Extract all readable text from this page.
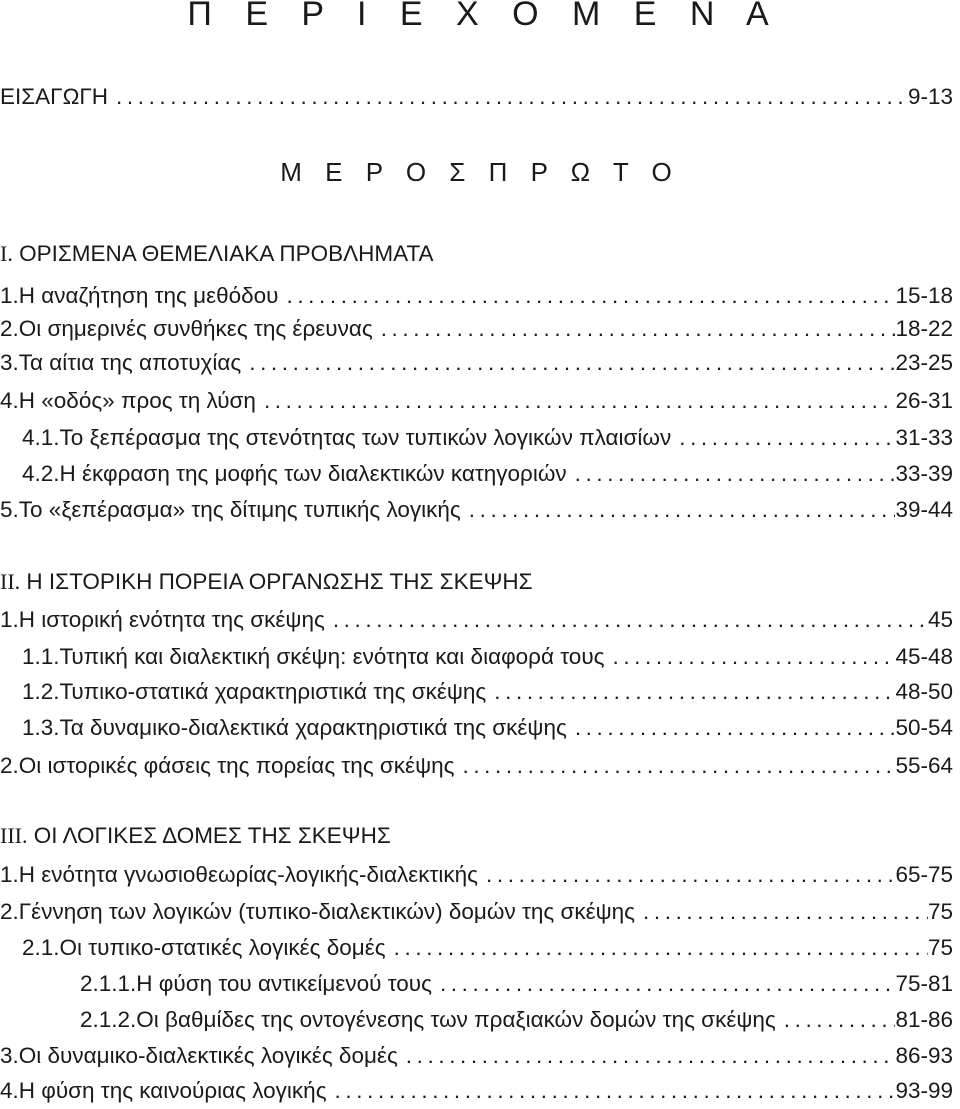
Π Ε Ρ Ι Ε Χ Ο Μ Ε Ν Α
ΕΙΣΑΓΩΓΗ .....	9-13
Μ Ε Ρ Ο Σ Π Ρ Ω Τ Ο
I. ΟΡΙΣΜΕΝΑ ΘΕΜΕΛΙΑΚΑ ΠΡΟΒΛΗΜΑΤΑ
1. Η αναζήτηση της μεθόδου .....	15-18
2. Οι σημερινές συνθήκες της έρευνας .....	18-22
3. Τα αίτια της αποτυχίας .....	23-25
4. Η «οδός» προς τη λύση .....	26-31
4.1. Το ξεπέρασμα της στενότητας των τυπικών λογικών πλαισίων .....	31-33
4.2. Η έκφραση της μοφής των διαλεκτικών κατηγοριών .....	33-39
5. Το «ξεπέρασμα» της δίτιμης τυπικής λογικής .....	39-44
II. Η ΙΣΤΟΡΙΚΗ ΠΟΡΕΙΑ ΟΡΓΑΝΩΣΗΣ ΤΗΣ ΣΚΕΨΗΣ
1. Η ιστορική ενότητα της σκέψης .....	45
1.1. Τυπική και διαλεκτική σκέψη: ενότητα και διαφορά τους .....	45-48
1.2. Τυπικο-στατικά χαρακτηριστικά της σκέψης .....	48-50
1.3. Τα δυναμικο-διαλεκτικά χαρακτηριστικά της σκέψης .....	50-54
2. Οι ιστορικές φάσεις της πορείας της σκέψης .....	55-64
III. ΟΙ ΛΟΓΙΚΕΣ ΔΟΜΕΣ ΤΗΣ ΣΚΕΨΗΣ
1. Η ενότητα γνωσιοθεωρίας-λογικής-διαλεκτικής .....	65-75
2. Γέννηση των λογικών (τυπικο-διαλεκτικών) δομών της σκέψης .....	75
2.1. Οι τυπικο-στατικές λογικές δομές .....	75
2.1.1. Η φύση του αντικείμενού τους .....	75-81
2.1.2. Οι βαθμίδες της οντογένεσης των πραξιακών δομών της σκέψης .....	81-86
3. Οι δυναμικο-διαλεκτικές λογικές δομές .....	86-93
4. Η φύση της καινούριας λογικής .....	93-99
